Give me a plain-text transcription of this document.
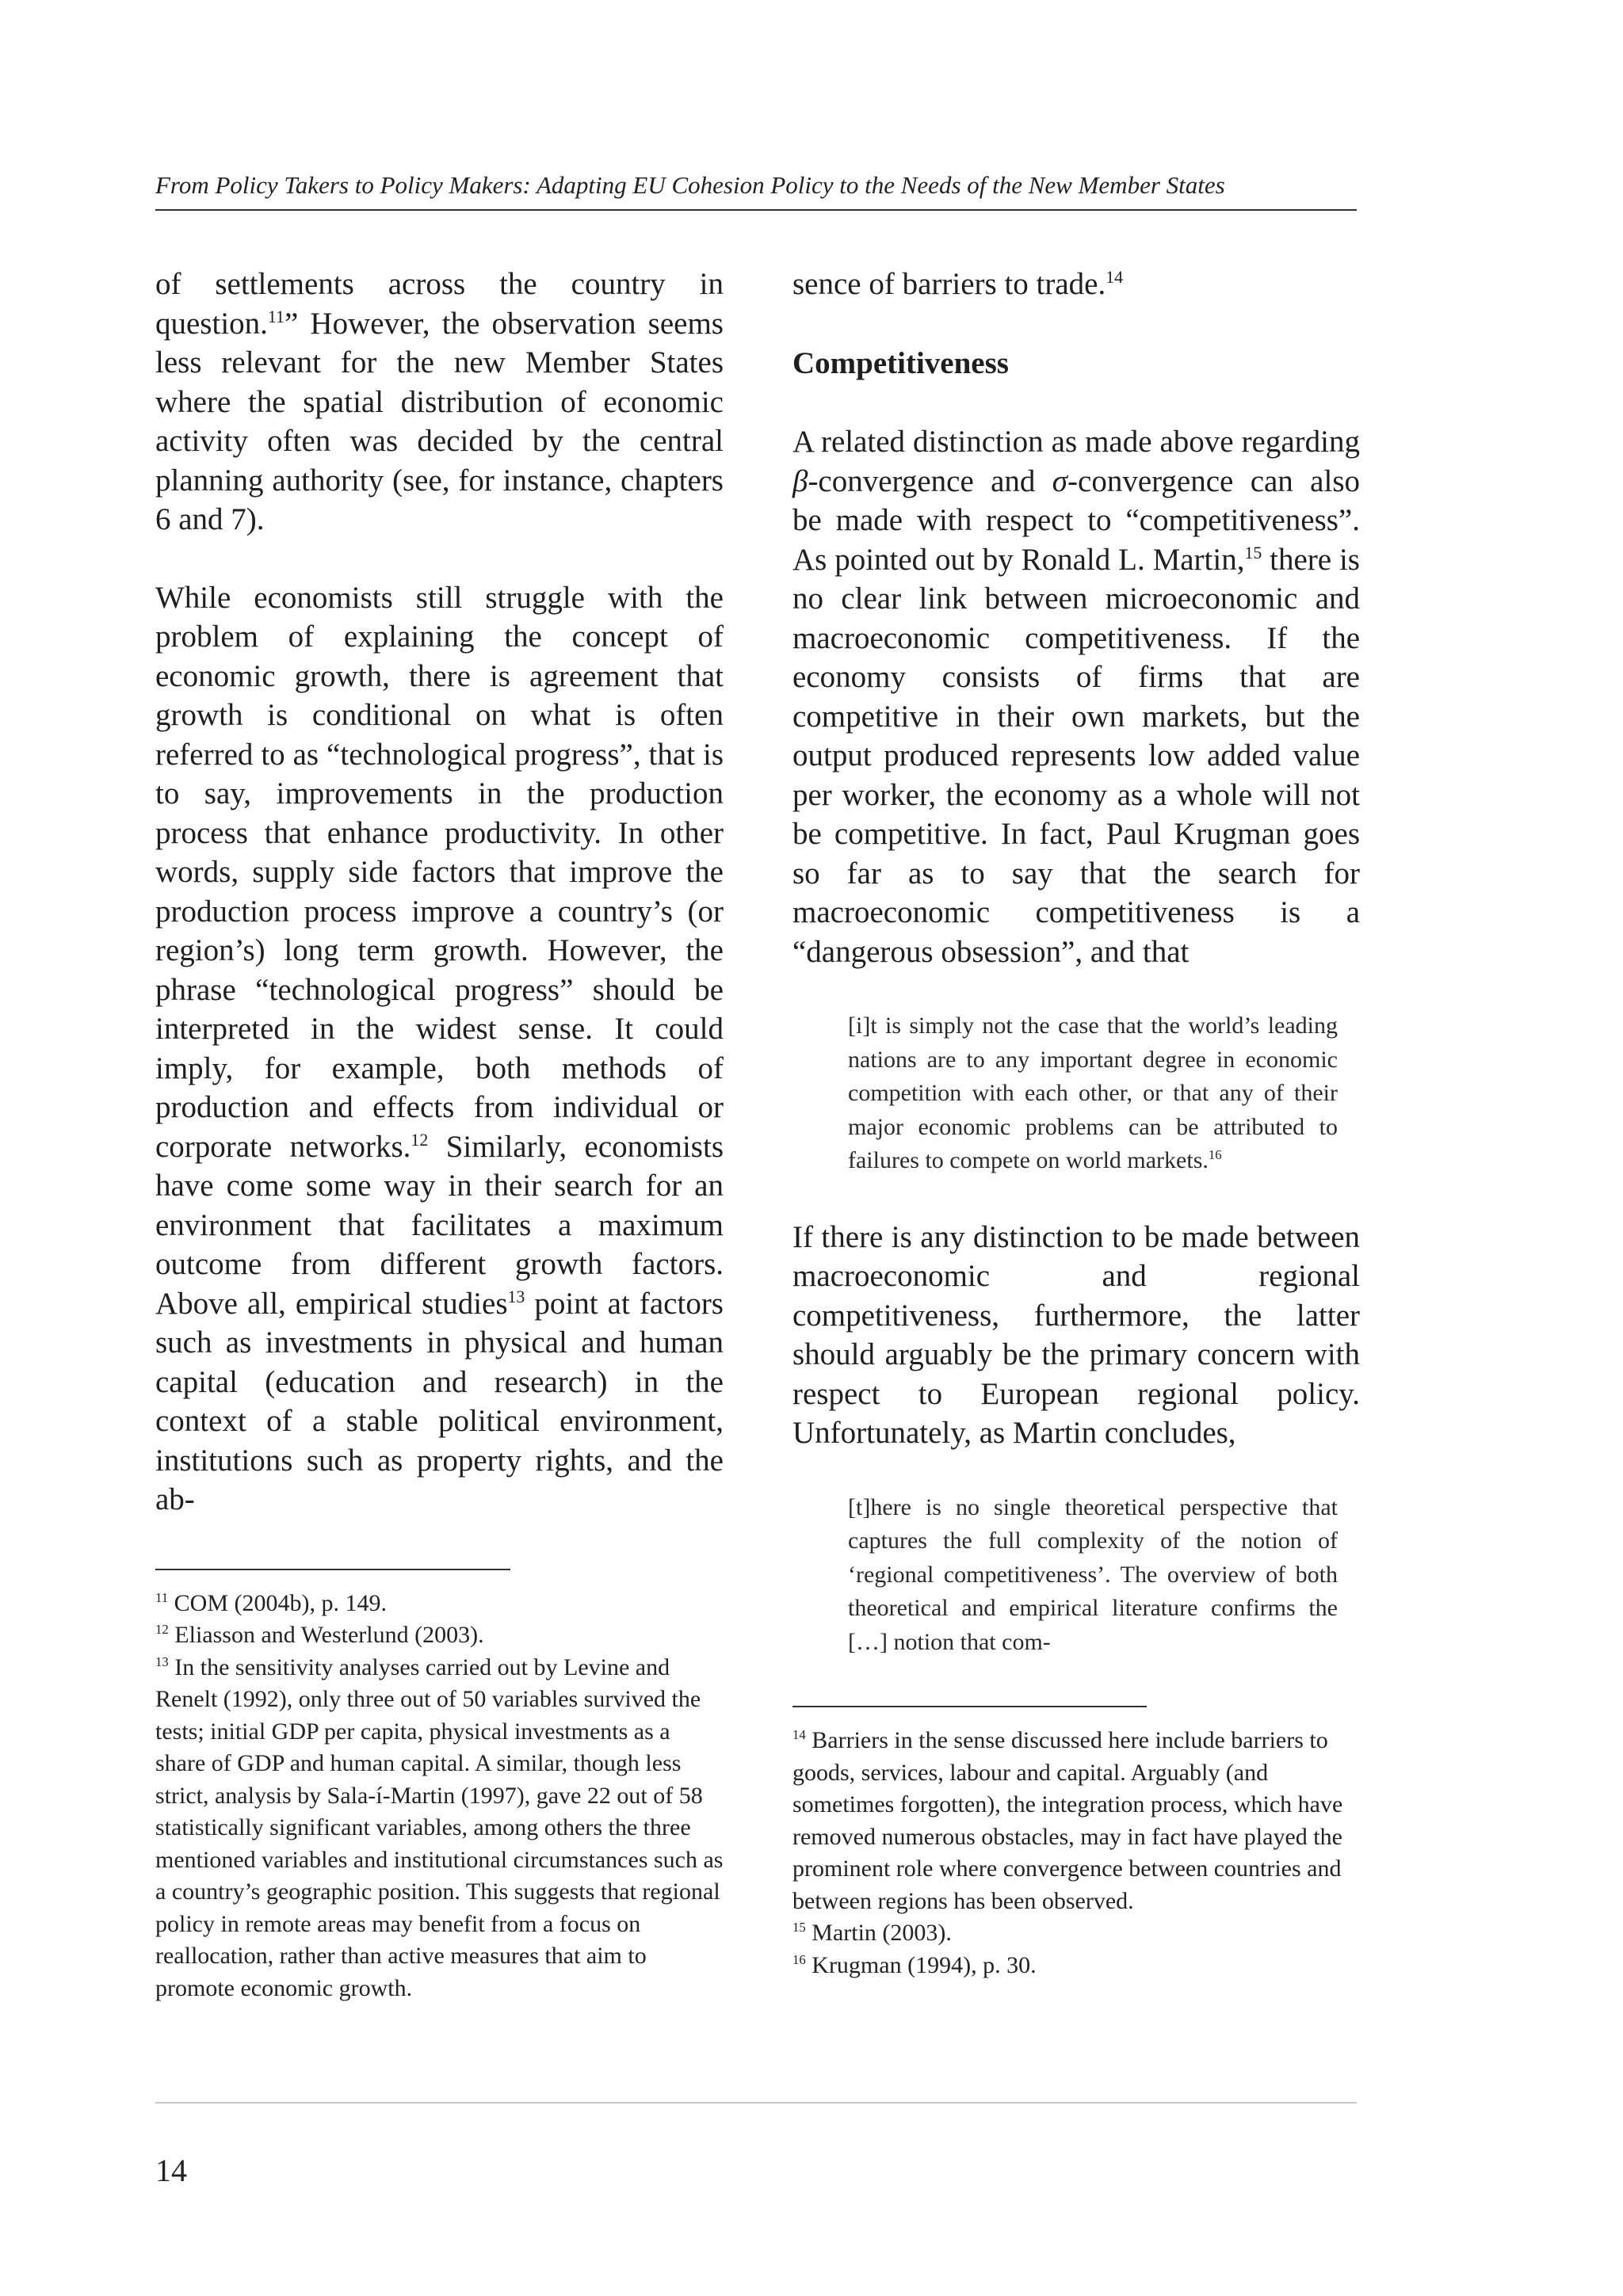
From Policy Takers to Policy Makers: Adapting EU Cohesion Policy to the Needs of the New Member States

of settlements across the country in question.$^{11}$” However, the observation seems less relevant for the new Member States where the spatial distribution of economic activity often was decided by the central planning authority (see, for instance, chapters 6 and 7).

While economists still struggle with the problem of explaining the concept of economic growth, there is agreement that growth is conditional on what is often referred to as “technological progress”, that is to say, improvements in the production process that enhance productivity. In other words, supply side factors that improve the production process improve a country’s (or region’s) long term growth. However, the phrase “technological progress” should be interpreted in the widest sense. It could imply, for example, both methods of production and effects from individual or corporate networks.$^{12}$ Similarly, economists have come some way in their search for an environment that facilitates a maximum outcome from different growth factors. Above all, empirical studies$^{13}$ point at factors such as investments in physical and human capital (education and research) in the context of a stable political environment, institutions such as property rights, and the ab-

$^{11}$ COM (2004b), p. 149.

$^{12}$ Eliasson and Westerlund (2003).

$^{13}$ In the sensitivity analyses carried out by Levine and Renelt (1992), only three out of 50 variables survived the tests; initial GDP per capita, physical investments as a share of GDP and human capital. A similar, though less strict, analysis by Sala-í-Martin (1997), gave 22 out of 58 statistically significant variables, among others the three mentioned variables and institutional circumstances such as a country’s geographic position. This suggests that regional policy in remote areas may benefit from a focus on reallocation, rather than active measures that aim to promote economic growth.

sence of barriers to trade.$^{14}$

Competitiveness

A related distinction as made above regarding β-convergence and σ-convergence can also be made with respect to “competitiveness”. As pointed out by Ronald L. Martin,$^{15}$ there is no clear link between microeconomic and macroeconomic competitiveness. If the economy consists of firms that are competitive in their own markets, but the output produced represents low added value per worker, the economy as a whole will not be competitive. In fact, Paul Krugman goes so far as to say that the search for macroeconomic competitiveness is a “dangerous obsession”, and that

[i]t is simply not the case that the world’s leading nations are to any important degree in economic competition with each other, or that any of their major economic problems can be attributed to failures to compete on world markets.$^{16}$

If there is any distinction to be made between macroeconomic and regional competitiveness, furthermore, the latter should arguably be the primary concern with respect to European regional policy. Unfortunately, as Martin concludes,

[t]here is no single theoretical perspective that captures the full complexity of the notion of ‘regional competitiveness’. The overview of both theoretical and empirical literature confirms the […] notion that com-

$^{14}$ Barriers in the sense discussed here include barriers to goods, services, labour and capital. Arguably (and sometimes forgotten), the integration process, which have removed numerous obstacles, may in fact have played the prominent role where convergence between countries and between regions has been observed.

$^{15}$ Martin (2003).

$^{16}$ Krugman (1994), p. 30.

14
